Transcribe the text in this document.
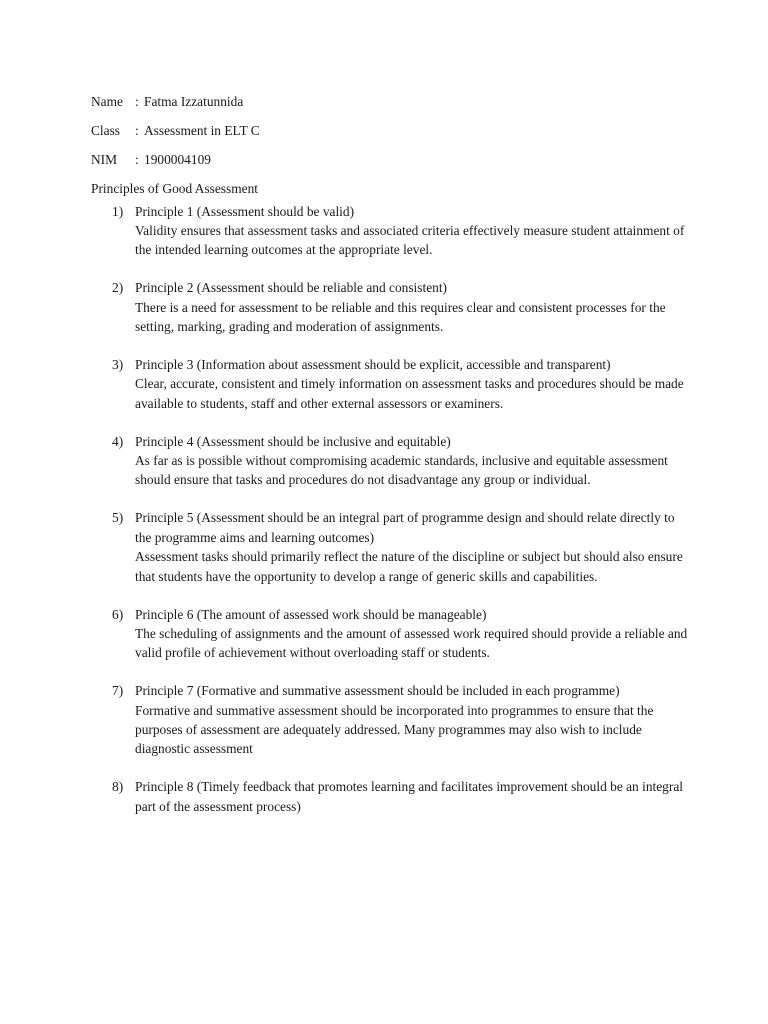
Name : Fatma Izzatunnida
Class	: Assessment in ELT C
NIM	: 1900004109
Principles of Good Assessment
1) Principle 1 (Assessment should be valid)
Validity ensures that assessment tasks and associated criteria effectively measure student attainment of the intended learning outcomes at the appropriate level.
2) Principle 2 (Assessment should be reliable and consistent)
There is a need for assessment to be reliable and this requires clear and consistent processes for the setting, marking, grading and moderation of assignments.
3) Principle 3 (Information about assessment should be explicit, accessible and transparent)
Clear, accurate, consistent and timely information on assessment tasks and procedures should be made available to students, staff and other external assessors or examiners.
4) Principle 4 (Assessment should be inclusive and equitable)
As far as is possible without compromising academic standards, inclusive and equitable assessment should ensure that tasks and procedures do not disadvantage any group or individual.
5) Principle 5 (Assessment should be an integral part of programme design and should relate directly to the programme aims and learning outcomes)
Assessment tasks should primarily reflect the nature of the discipline or subject but should also ensure that students have the opportunity to develop a range of generic skills and capabilities.
6) Principle 6 (The amount of assessed work should be manageable)
The scheduling of assignments and the amount of assessed work required should provide a reliable and valid profile of achievement without overloading staff or students.
7) Principle 7 (Formative and summative assessment should be included in each programme)
Formative and summative assessment should be incorporated into programmes to ensure that the purposes of assessment are adequately addressed. Many programmes may also wish to include diagnostic assessment
8) Principle 8 (Timely feedback that promotes learning and facilitates improvement should be an integral part of the assessment process)
